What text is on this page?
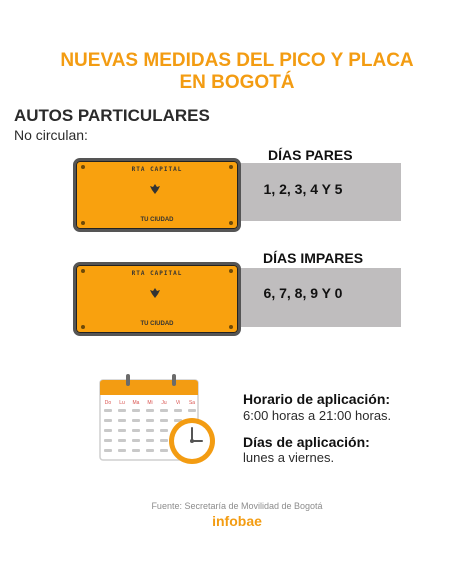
NUEVAS MEDIDAS DEL PICO Y PLACA
EN BOGOTÁ
AUTOS PARTICULARES
No circulan:
DÍAS PARES
1, 2, 3, 4 Y 5
RTA CAPITAL
TU CIUDAD
DÍAS IMPARES
6, 7, 8, 9 Y 0
RTA CAPITAL
TU CIUDAD
Do Lu Ma Mi Ju Vi Sa	Horario de aplicación:
6:00 horas a 21:00 horas.
Días de aplicación:
lunes a viernes.
Fuente: Secretaría de Movilidad de Bogotá
infobae
